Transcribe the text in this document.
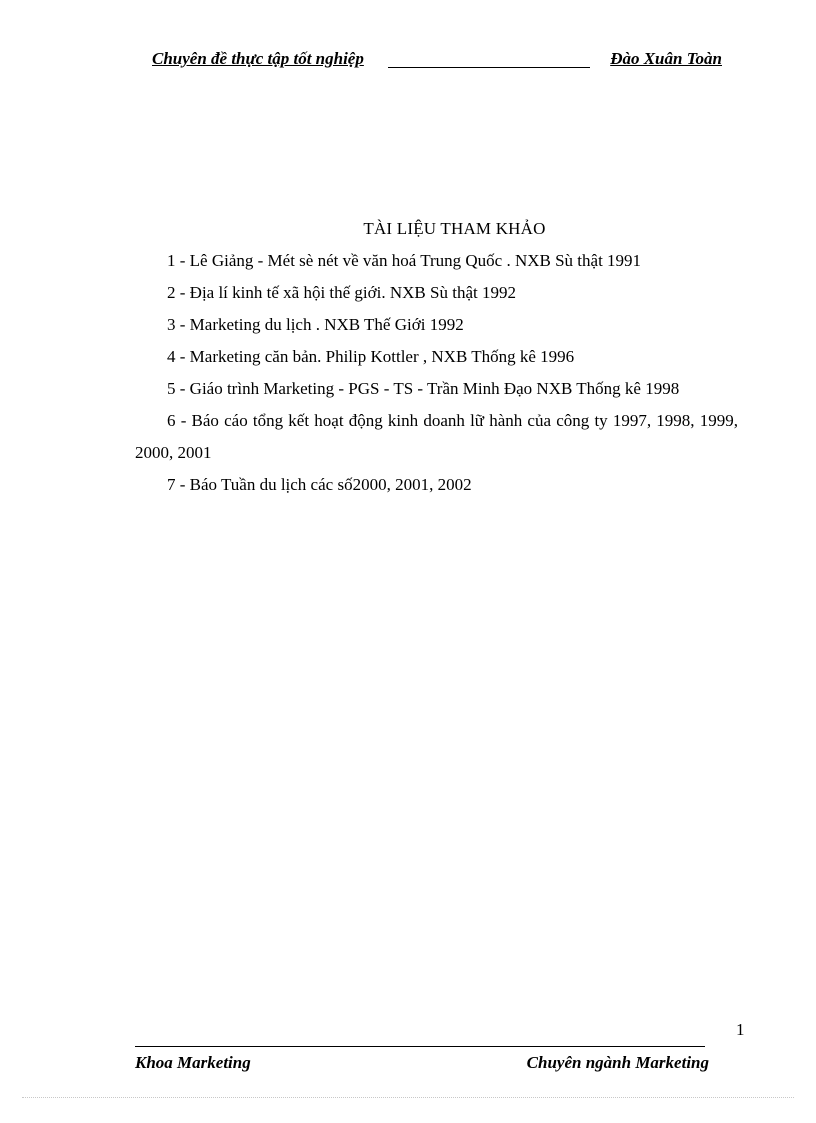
Chuyên đề thực tập tốt nghiệp	Đào Xuân Toàn
TÀI LIỆU THAM KHẢO
1 - Lê Giảng - Mét sè nét về văn hoá Trung Quốc . NXB Sù thật 1991
2 - Địa lí kinh tế xã hội thế giới. NXB Sù thật 1992
3 - Marketing du lịch . NXB Thế Giới 1992
4 - Marketing căn bản. Philip Kottler , NXB Thống kê 1996
5 - Giáo trình Marketing - PGS - TS - Trần Minh Đạo NXB Thống kê 1998
6 - Báo cáo tổng kết hoạt động kinh doanh lữ hành của công ty 1997, 1998, 1999, 2000, 2001
7 - Báo Tuần du lịch các số2000, 2001, 2002
1
Khoa Marketing	Chuyên ngành Marketing
